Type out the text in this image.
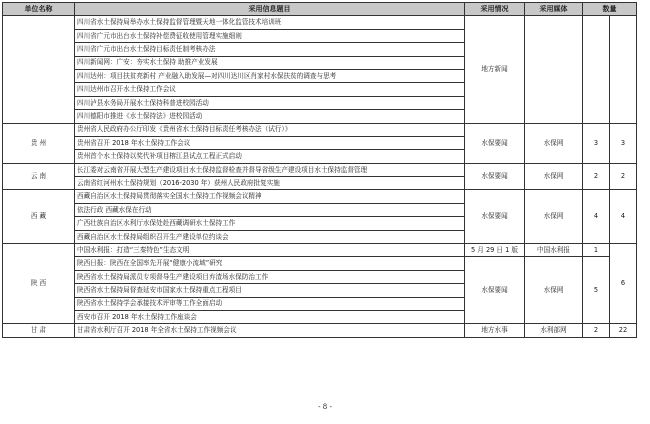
单位名称	采用信息题目	采用情况	采用媒体	数量	
	四川省水土保持局举办水土保持监督管理暨天地一体化监管技术培训班	地方新闻			
	四川省广元市出台水土保持补偿费征收使用管理实施细则				
	四川省广元市出台水土保持目标责任制考核办法				
	四川新闻网：广安：夯实水土保持 助推产业发展				
	四川达州：项目扶贫亮新村 产业融入助发展—对四川达川区肖家村水保扶贫的调查与思考				
	四川达州市召开水土保持工作会议				
	四川泸县水务局开展水土保持科普进校园活动				
	四川德阳市推进《水土保持法》进校园活动				
贵 州	贵州省人民政府办公厅印发《贵州省水土保持目标责任考核办法（试行）》	水保要闻	水保网	3	3
	贵州省召开 2018 年水土保持工作会议				
	贵州首个水土保持以奖代补项目榕江县试点工程正式启动				
云 南	长江委对云南省开展大型生产建设项目水土保持监督检查并督导省级生产建设项目水土保持监督管理	水保要闻	水保网	2	2
	云南省红河州水土保持规划（2016-2030 年）获州人民政府批复实施				
西 藏	西藏自治区水土保持局贯彻落实全国水土保持工作视频会议精神	水保要闻	水保网	4	4
	依法行政 西藏水保在行动				
	广西壮族自治区水利厅水保处赴西藏调研水土保持工作				
	西藏自治区水土保持局组织召开生产建设单位约谈会				
陕 西	中国水利报：打造“三秦特色”生态文明	5 月 29 日 1 版	中国水利报	1	6
	陕西日报：陕西在全国率先开展“健康小流域”研究	水保要闻	水保网	5	
	陕西省水土保持局派员专项督导生产建设项目弃渣场水保防治工作				
	陕西省水土保持局督查延安市国家水土保持重点工程项目				
	陕西省水土保持学会承接技术评审等工作全面启动				
	西安市召开 2018 年水土保持工作座谈会				
甘 肃	甘肃省水利厅召开 2018 年全省水土保持工作视频会议	地方水事	水利部网	2	22
- 8 -
